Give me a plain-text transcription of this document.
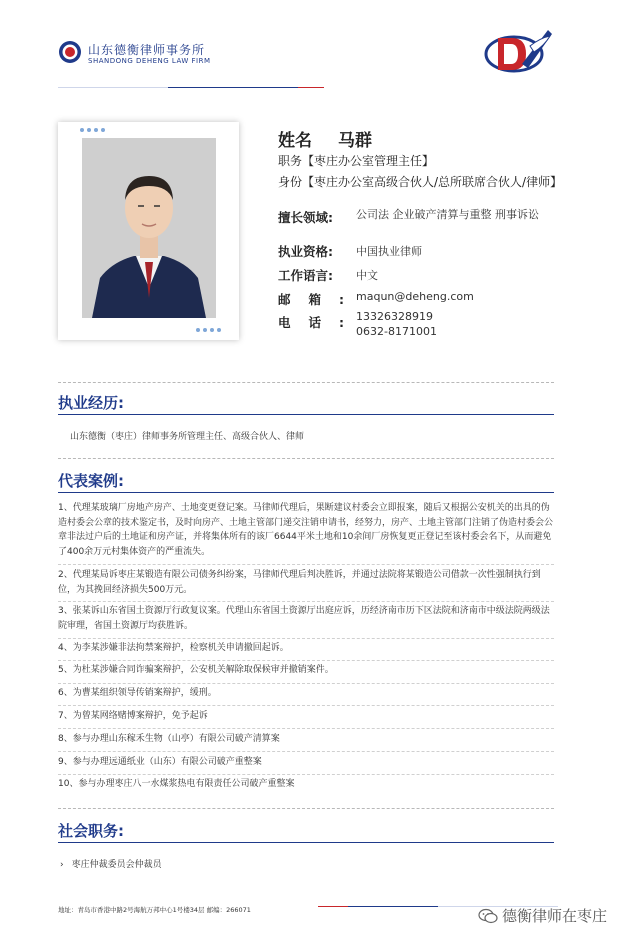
山东德衡律师事务所
SHANDONG DEHENG LAW FIRM
姓名 马群
职务【枣庄办公室管理主任】
身份【枣庄办公室高级合伙人/总所联席合伙人/律师】
擅长领域: 公司法 企业破产清算与重整 刑事诉讼
执业资格: 中国执业律师
工作语言: 中文
邮箱:
maqun@deheng.com
电话:
13326328919
0632-8171001
执业经历:
山东德衡（枣庄）律师事务所管理主任、高级合伙人、律师
代表案例:
1、代理某玻璃厂房地产房产、土地变更登记案。马律师代理后，果断建议村委会立即报案，随后又根据公安机关的出具的伪造村委会公章的技术鉴定书，及时向房产、土地主管部门递交注销申请书，经努力，房产、土地主管部门注销了伪造村委会公章非法过户后的土地证和房产证，并将集体所有的该厂6644平米土地和10余间厂房恢复更正登记至该村委会名下，从而避免了400余万元村集体资产的严重流失。
2、代理某局诉枣庄某锻造有限公司债务纠纷案，马律师代理后判决胜诉，并通过法院将某锻造公司借款一次性强制执行到位，为其挽回经济损失500万元。
3、张某诉山东省国土资源厅行政复议案。代理山东省国土资源厅出庭应诉，历经济南市历下区法院和济南市中级法院两级法院审理，省国土资源厅均获胜诉。
4、为李某涉嫌非法拘禁案辩护，检察机关申请撤回起诉。
5、为杜某涉嫌合同诈骗案辩护，公安机关解除取保候审并撤销案件。
6、为曹某组织领导传销案辩护，缓刑。
7、为曾某网络赌博案辩护，免予起诉
8、参与办理山东稼禾生物（山亭）有限公司破产清算案
9、参与办理远通纸业（山东）有限公司破产重整案
10、参与办理枣庄八一水煤浆热电有限责任公司破产重整案
社会职务:
› 枣庄仲裁委员会仲裁员
地址：青岛市香港中路2号海航万邦中心1号楼34层 邮编：266071	德衡律师在枣庄
